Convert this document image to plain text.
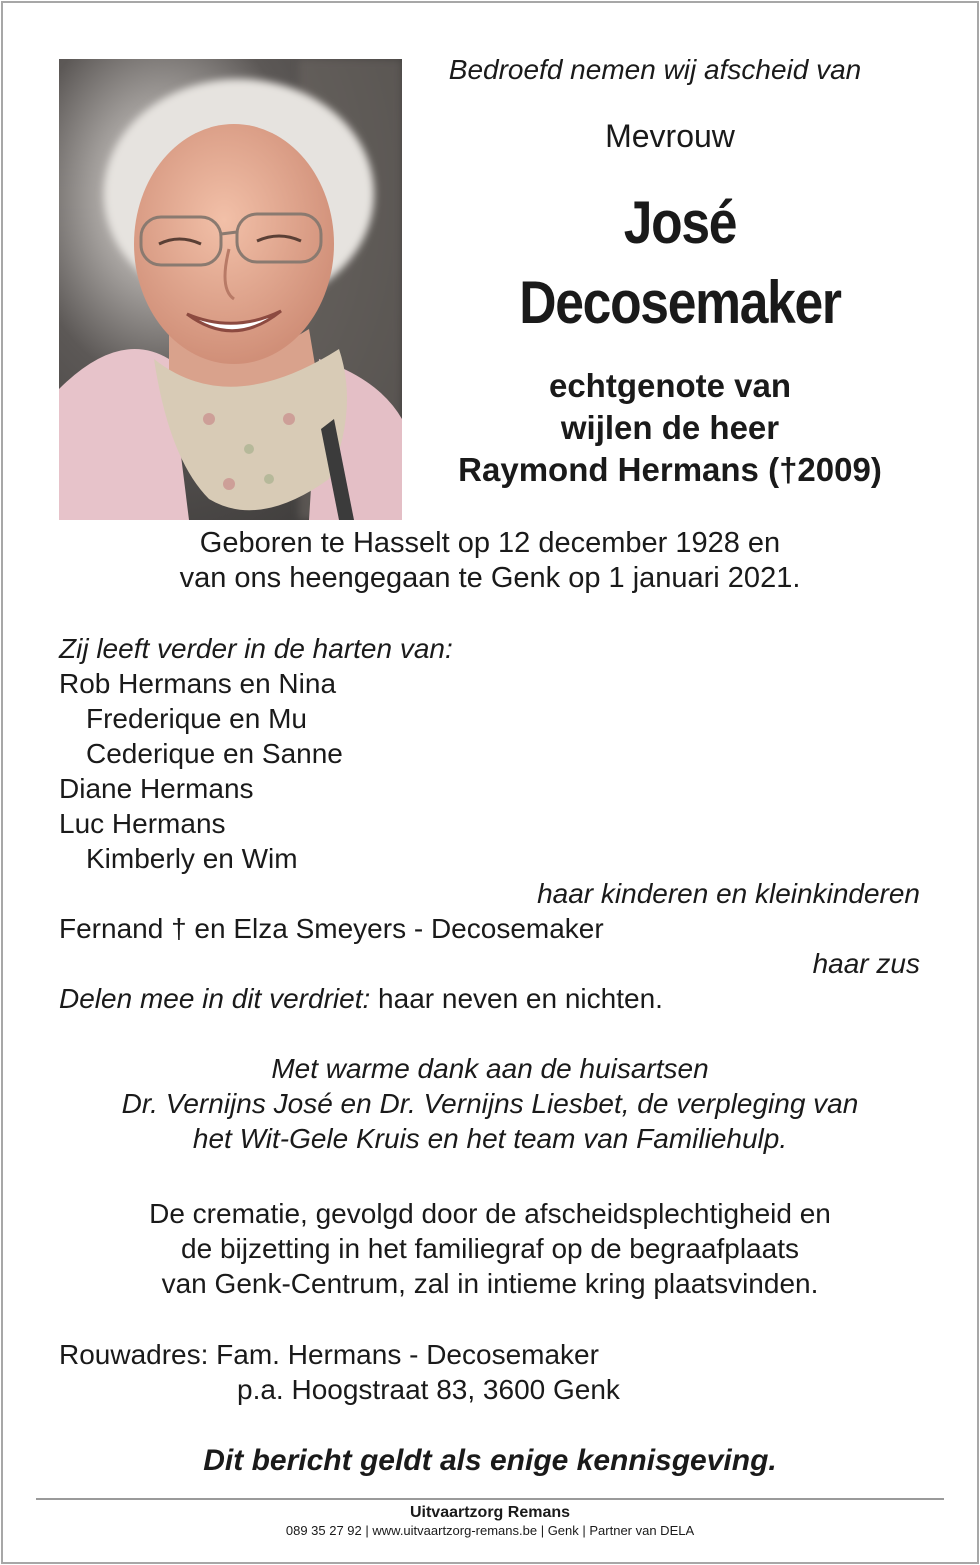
Bedroefd nemen wij afscheid van
Mevrouw
José
Decosemaker
echtgenote van
wijlen de heer
Raymond Hermans (†2009)
Geboren te Hasselt op 12 december 1928 en
van ons heengegaan te Genk op 1 januari 2021.
Zij leeft verder in de harten van:
Rob Hermans en Nina
Frederique en Mu
Cederique en Sanne
Diane Hermans
Luc Hermans
Kimberly en Wim
haar kinderen en kleinkinderen
Fernand † en Elza Smeyers - Decosemaker
haar zus
Delen mee in dit verdriet: haar neven en nichten.
Met warme dank aan de huisartsen
Dr. Vernijns José en Dr. Vernijns Liesbet, de verpleging van
het Wit-Gele Kruis en het team van Familiehulp.
De crematie, gevolgd door de afscheidsplechtigheid en
de bijzetting in het familiegraf op de begraafplaats
van Genk-Centrum, zal in intieme kring plaatsvinden.
Rouwadres: Fam. Hermans - Decosemaker
p.a. Hoogstraat 83, 3600 Genk
Dit bericht geldt als enige kennisgeving.
Uitvaartzorg Remans
089 35 27 92 | www.uitvaartzorg-remans.be | Genk | Partner van DELA
